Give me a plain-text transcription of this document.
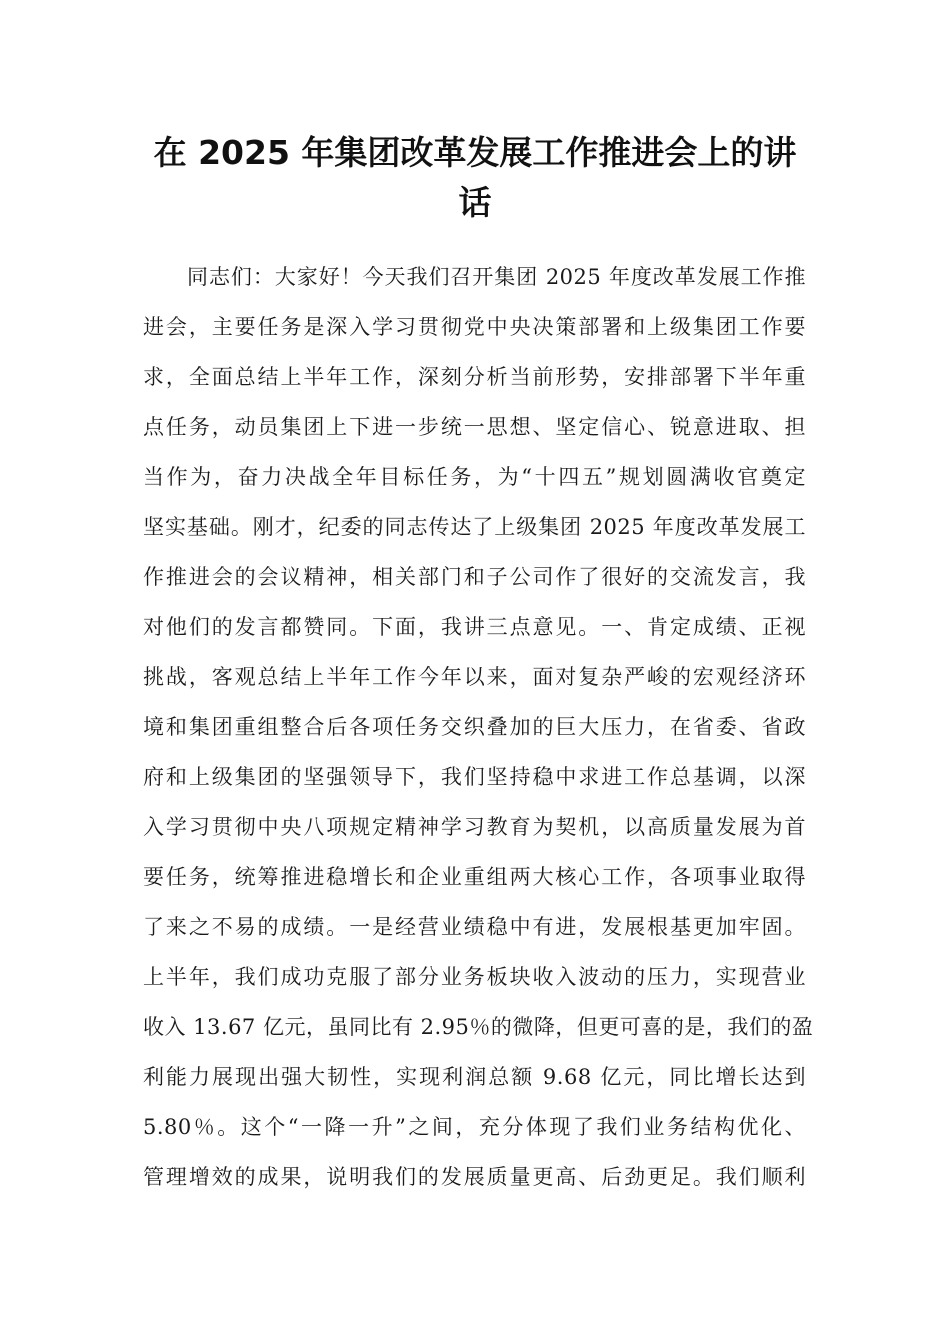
在 2025 年集团改革发展工作推进会上的讲
话
同志们：大家好！今天我们召开集团 2025 年度改革发展工作推
进会，主要任务是深入学习贯彻党中央决策部署和上级集团工作要
求，全面总结上半年工作，深刻分析当前形势，安排部署下半年重
点任务，动员集团上下进一步统一思想、坚定信心、锐意进取、担
当作为，奋力决战全年目标任务，为“十四五”规划圆满收官奠定
坚实基础。刚才，纪委的同志传达了上级集团 2025 年度改革发展工
作推进会的会议精神，相关部门和子公司作了很好的交流发言，我
对他们的发言都赞同。下面，我讲三点意见。一、肯定成绩、正视
挑战，客观总结上半年工作今年以来，面对复杂严峻的宏观经济环
境和集团重组整合后各项任务交织叠加的巨大压力，在省委、省政
府和上级集团的坚强领导下，我们坚持稳中求进工作总基调，以深
入学习贯彻中央八项规定精神学习教育为契机，以高质量发展为首
要任务，统筹推进稳增长和企业重组两大核心工作，各项事业取得
了来之不易的成绩。一是经营业绩稳中有进，发展根基更加牢固。
上半年，我们成功克服了部分业务板块收入波动的压力，实现营业
收入 13.67 亿元，虽同比有 2.95％的微降，但更可喜的是，我们的盈
利能力展现出强大韧性，实现利润总额 9.68 亿元，同比增长达到
5.80％。这个“一降一升”之间，充分体现了我们业务结构优化、
管理增效的成果，说明我们的发展质量更高、后劲更足。我们顺利
